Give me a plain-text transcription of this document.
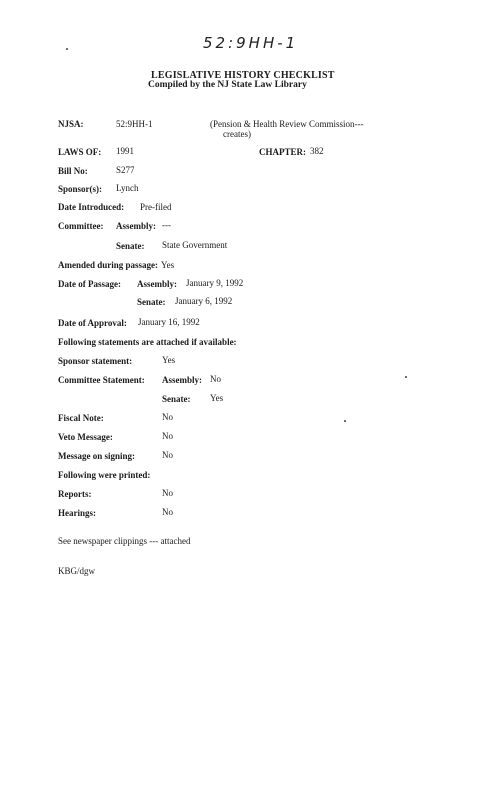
52:9HH-1
LEGISLATIVE HISTORY CHECKLIST
Compiled by the NJ State Law Library
NJSA:	52:9HH-1	(Pension & Health Review Commission---
creates)
LAWS OF: 1991	CHAPTER: 382
Bill No:	S277
Sponsor(s): Lynch
Date Introduced: Pre-filed
Committee: Assembly: ---
Senate: State Government
Amended during passage: Yes
Date of Passage: Assembly: January 9, 1992
Senate: January 6, 1992
Date of Approval: January 16, 1992
Following statements are attached if available:
Sponsor statement:	Yes
Committee Statement: Assembly: No
Senate: Yes
Fiscal Note:	No
Veto Message:	No
Message on signing:	No
Following were printed:
Reports:	No
Hearings:	No
See newspaper clippings --- attached
KBG/dgw
